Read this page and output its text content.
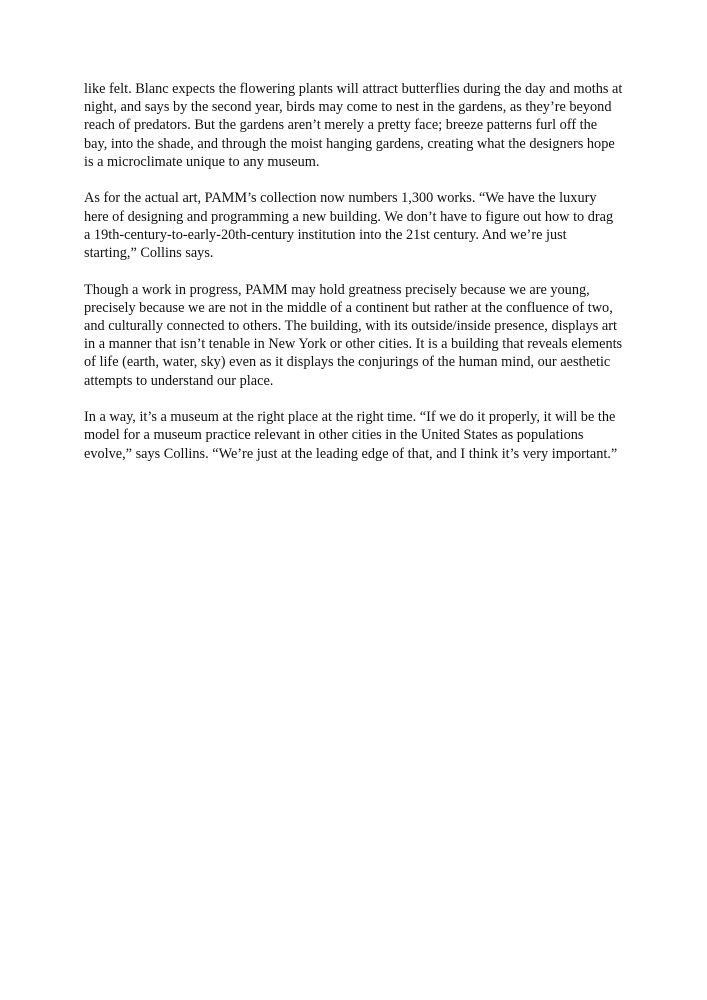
like felt. Blanc expects the flowering plants will attract butterflies during the day and moths at
night, and says by the second year, birds may come to nest in the gardens, as they’re beyond
reach of predators. But the gardens aren’t merely a pretty face; breeze patterns furl off the
bay, into the shade, and through the moist hanging gardens, creating what the designers hope
is a microclimate unique to any museum.

As for the actual art, PAMM’s collection now numbers 1,300 works. “We have the luxury
here of designing and programming a new building. We don’t have to figure out how to drag
a 19th-century-to-early-20th-century institution into the 21st century. And we’re just
starting,” Collins says.

Though a work in progress, PAMM may hold greatness precisely because we are young,
precisely because we are not in the middle of a continent but rather at the confluence of two,
and culturally connected to others. The building, with its outside/inside presence, displays art
in a manner that isn’t tenable in New York or other cities. It is a building that reveals elements
of life (earth, water, sky) even as it displays the conjurings of the human mind, our aesthetic
attempts to understand our place.

In a way, it’s a museum at the right place at the right time. “If we do it properly, it will be the
model for a museum practice relevant in other cities in the United States as populations
evolve,” says Collins. “We’re just at the leading edge of that, and I think it’s very important.”
